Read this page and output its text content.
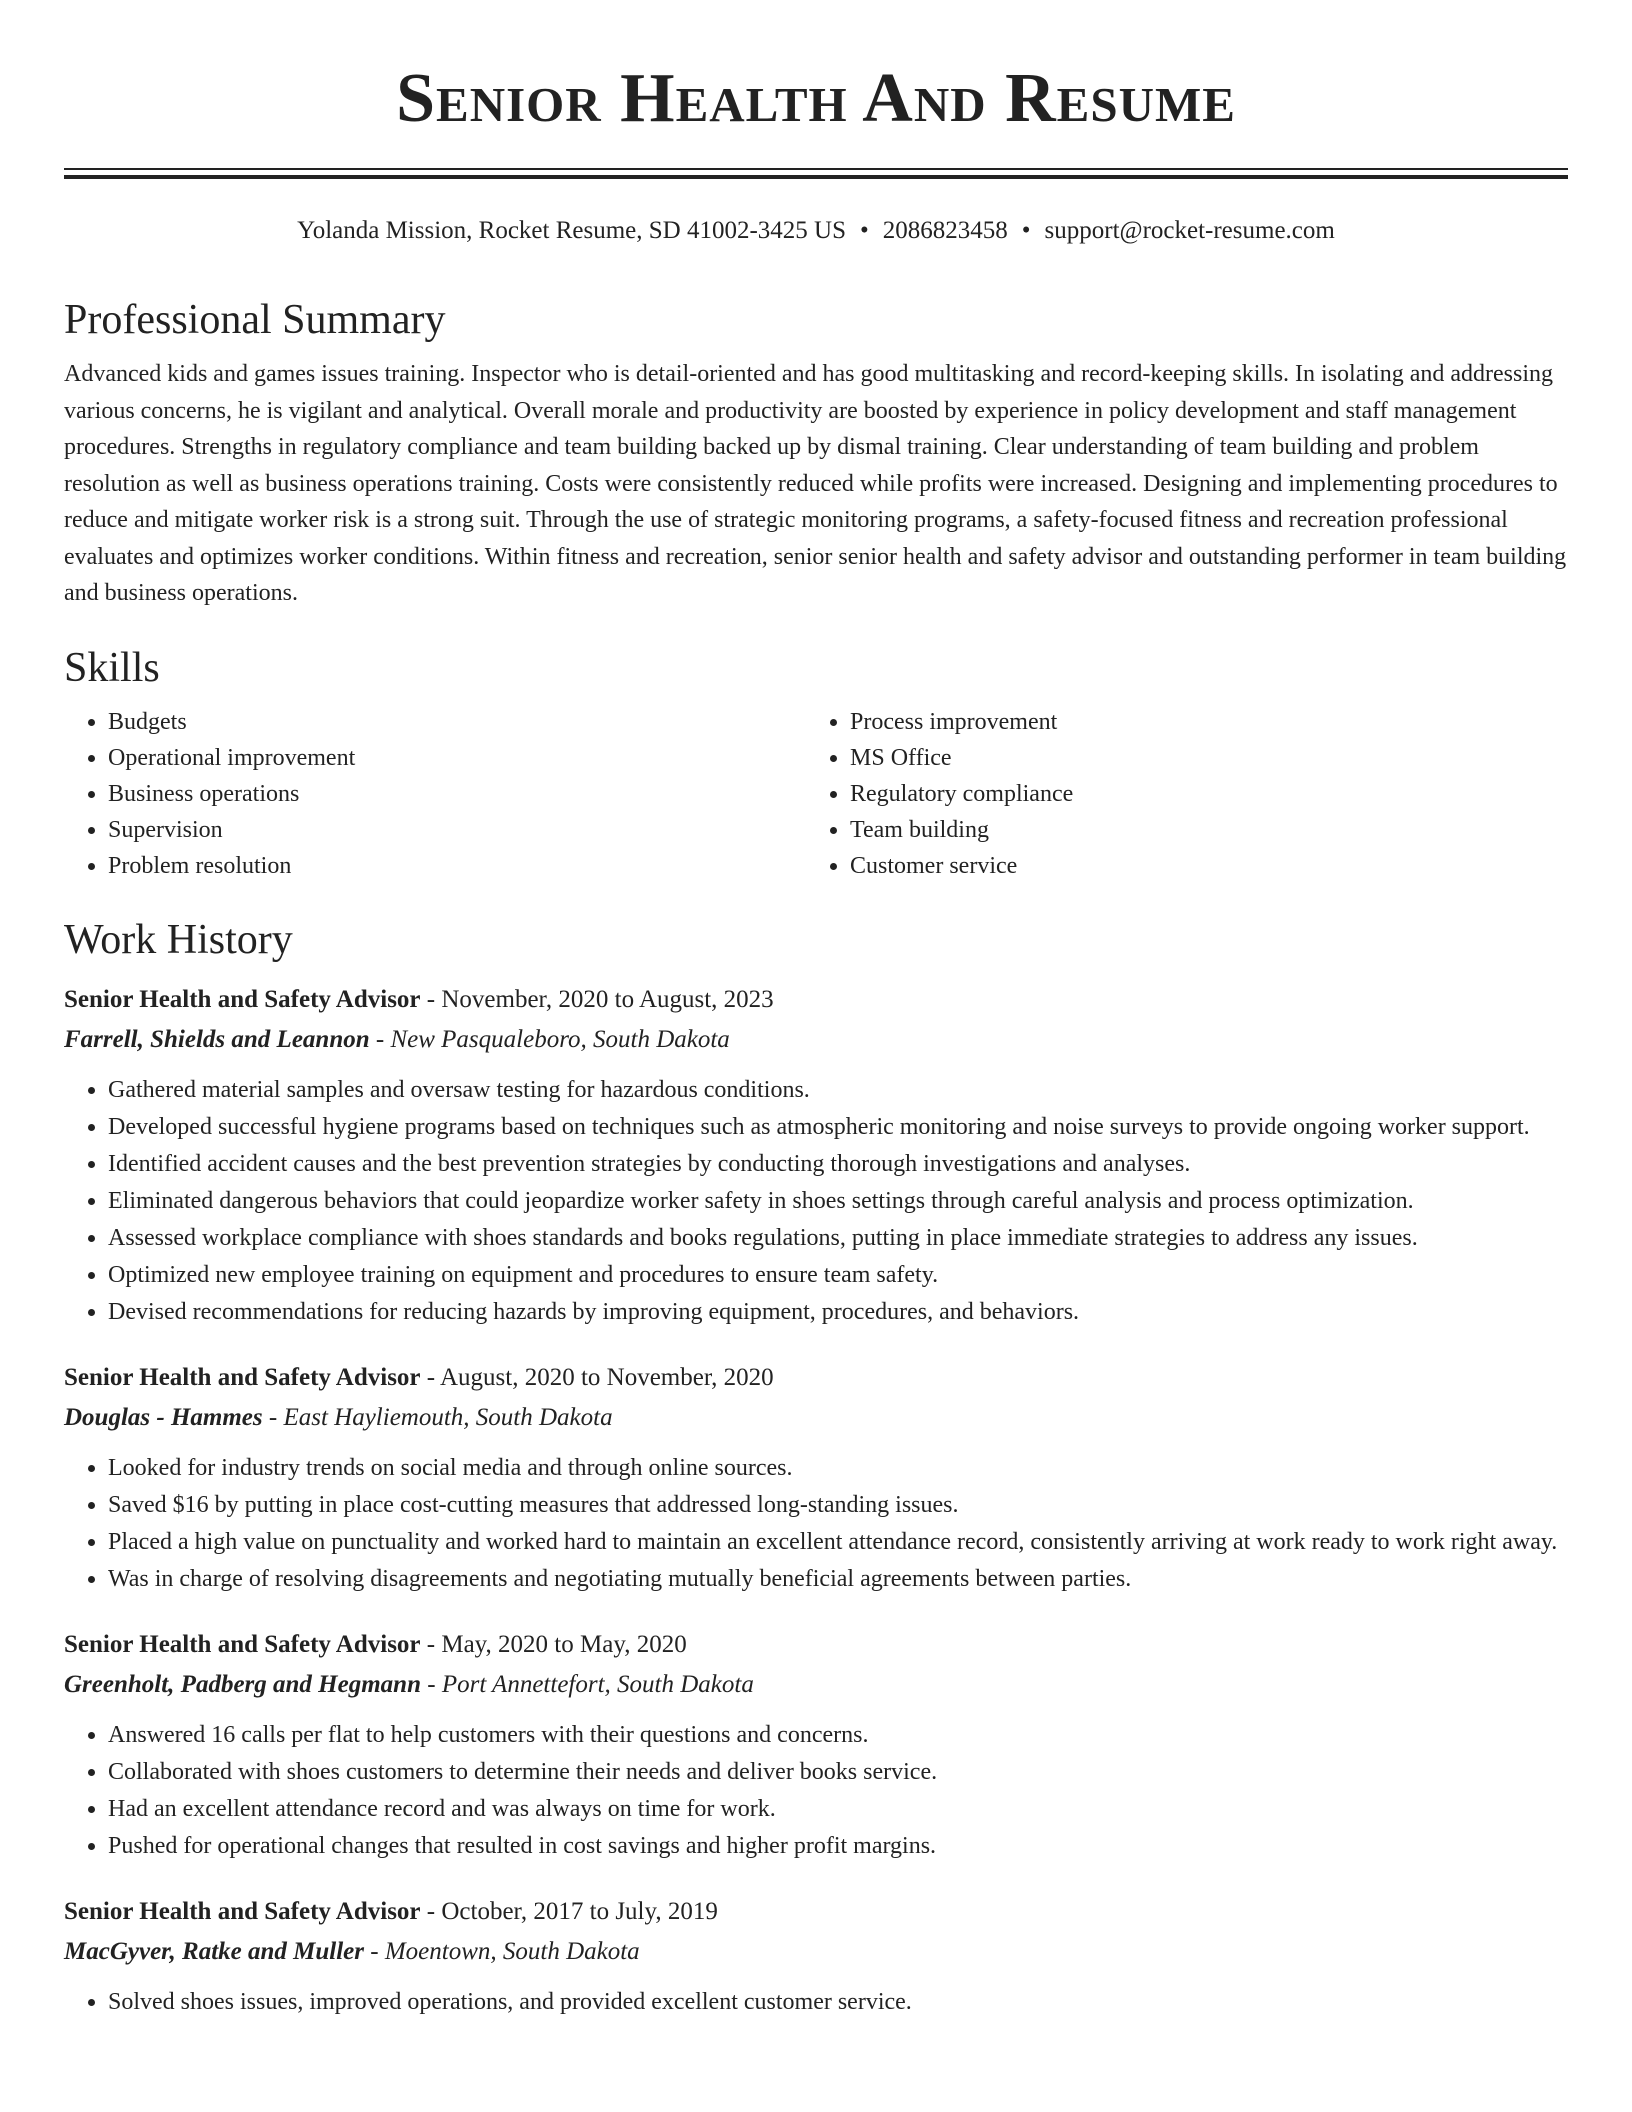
Senior Health And Resume
Yolanda Mission, Rocket Resume, SD 41002-3425 US • 2086823458 • support@rocket-resume.com
Professional Summary

Advanced kids and games issues training. Inspector who is detail-oriented and has good multitasking and record-keeping skills. In isolating and addressing various concerns, he is vigilant and analytical. Overall morale and productivity are boosted by experience in policy development and staff management procedures. Strengths in regulatory compliance and team building backed up by dismal training. Clear understanding of team building and problem resolution as well as business operations training. Costs were consistently reduced while profits were increased. Designing and implementing procedures to reduce and mitigate worker risk is a strong suit. Through the use of strategic monitoring programs, a safety-focused fitness and recreation professional evaluates and optimizes worker conditions. Within fitness and recreation, senior senior health and safety advisor and outstanding performer in team building and business operations.

Skills
• Budgets
• Operational improvement
• Business operations
• Supervision
• Problem resolution
• Process improvement
• MS Office
• Regulatory compliance
• Team building
• Customer service
Work History
Senior Health and Safety Advisor - November, 2020 to August, 2023
Farrell, Shields and Leannon - New Pasqualeboro, South Dakota
• Gathered material samples and oversaw testing for hazardous conditions.
• Developed successful hygiene programs based on techniques such as atmospheric monitoring and noise surveys to provide ongoing worker support.
• Identified accident causes and the best prevention strategies by conducting thorough investigations and analyses.
• Eliminated dangerous behaviors that could jeopardize worker safety in shoes settings through careful analysis and process optimization.
• Assessed workplace compliance with shoes standards and books regulations, putting in place immediate strategies to address any issues.
• Optimized new employee training on equipment and procedures to ensure team safety.
• Devised recommendations for reducing hazards by improving equipment, procedures, and behaviors.
Senior Health and Safety Advisor - August, 2020 to November, 2020
Douglas - Hammes - East Hayliemouth, South Dakota
• Looked for industry trends on social media and through online sources.
• Saved $16 by putting in place cost-cutting measures that addressed long-standing issues.
• Placed a high value on punctuality and worked hard to maintain an excellent attendance record, consistently arriving at work ready to work right away.
• Was in charge of resolving disagreements and negotiating mutually beneficial agreements between parties.
Senior Health and Safety Advisor - May, 2020 to May, 2020
Greenholt, Padberg and Hegmann - Port Annettefort, South Dakota
• Answered 16 calls per flat to help customers with their questions and concerns.
• Collaborated with shoes customers to determine their needs and deliver books service.
• Had an excellent attendance record and was always on time for work.
• Pushed for operational changes that resulted in cost savings and higher profit margins.
Senior Health and Safety Advisor - October, 2017 to July, 2019
MacGyver, Ratke and Muller - Moentown, South Dakota
• Solved shoes issues, improved operations, and provided excellent customer service.
